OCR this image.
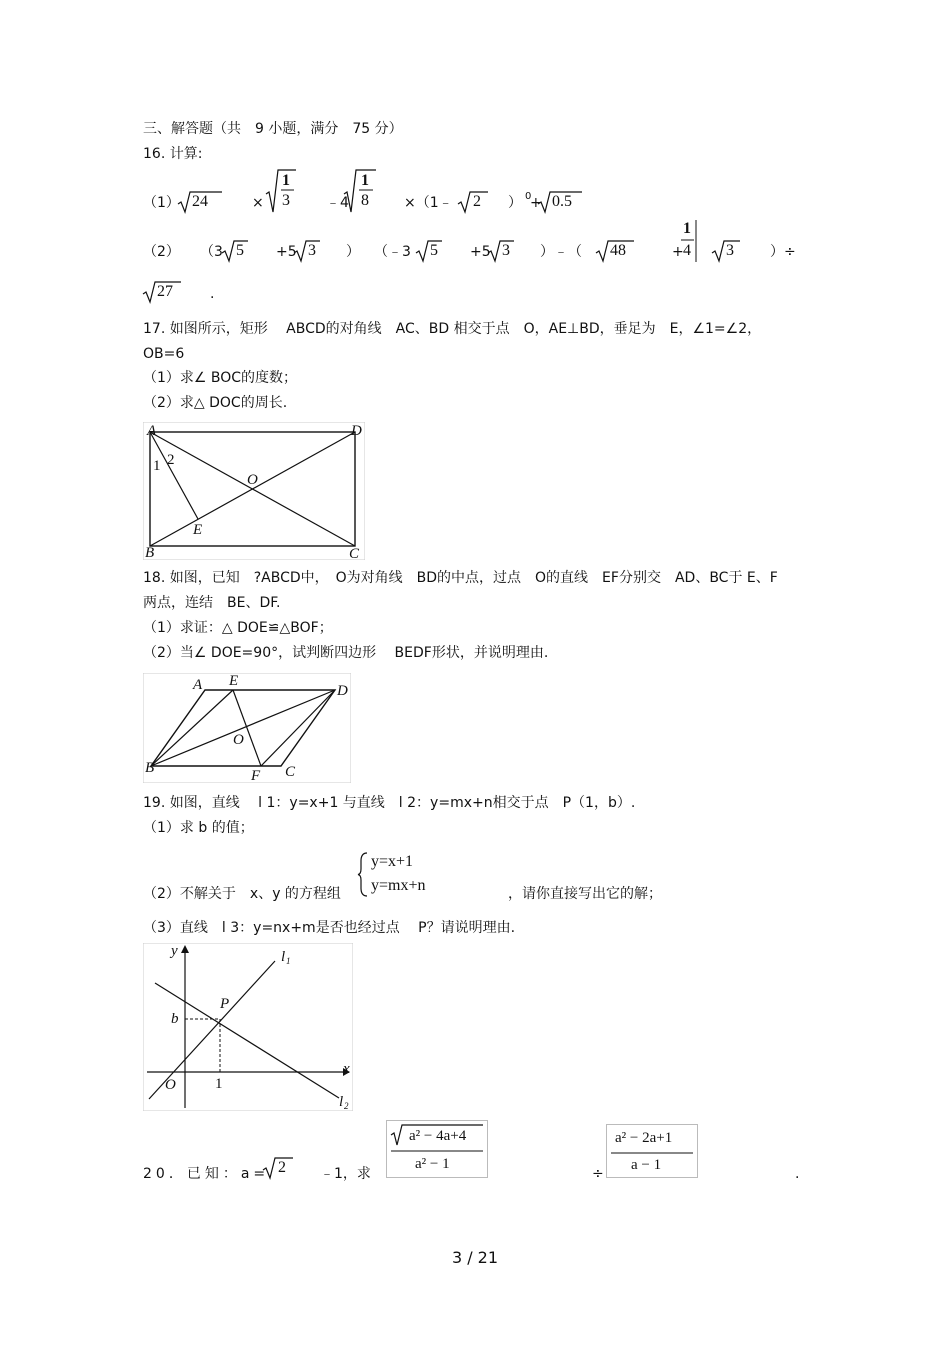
三、解答题（共　9 小题，满分　75 分）
16. 计算:
（1） 24	×
1
3	﹣4
1
8	×（1﹣ 2 ） 0
+ 0.5
（2） （3 5 +5 3 ） （﹣3 5 +5 3 ）﹣（ 48	+
1
4 3	）÷
27	.
17. 如图所示，矩形　 ABCD的对角线　AC、BD 相交于点　O，AE⊥BD，垂足为　E，∠1=∠2，
OB=6
（1）求∠ BOC的度数；
（2）求△ DOC的周长.
A	D
B	C
O
E
1 2
18. 如图，已知　?ABCD中，　O为对角线　BD的中点，过点　O的直线　EF分别交　AD、BC于 E、F
两点，连结　BE、DF.
（1）求证：△ DOE≌△BOF；
（2）当∠ DOE=90°，试判断四边形　 BEDF形状，并说明理由.
A E
D
B	F C
O
19. 如图，直线　 l 1：y=x+1 与直线　l 2：y=mx+n相交于点　P（1，b）.
（1）求 b 的值；
（2）不解关于　x、y 的方程组
y=x+1
y=mx+n	，请你直接写出它的解；
（3）直线　l 3：y=nx+m是否也经过点　 P？请说明理由.
x
y
O
P
b
1
l 1
l 2
20．已知：a= 2 ﹣1，求
a² − 4a+4
a² − 1
÷
a² − 2a+1
a − 1
.
3 / 21
